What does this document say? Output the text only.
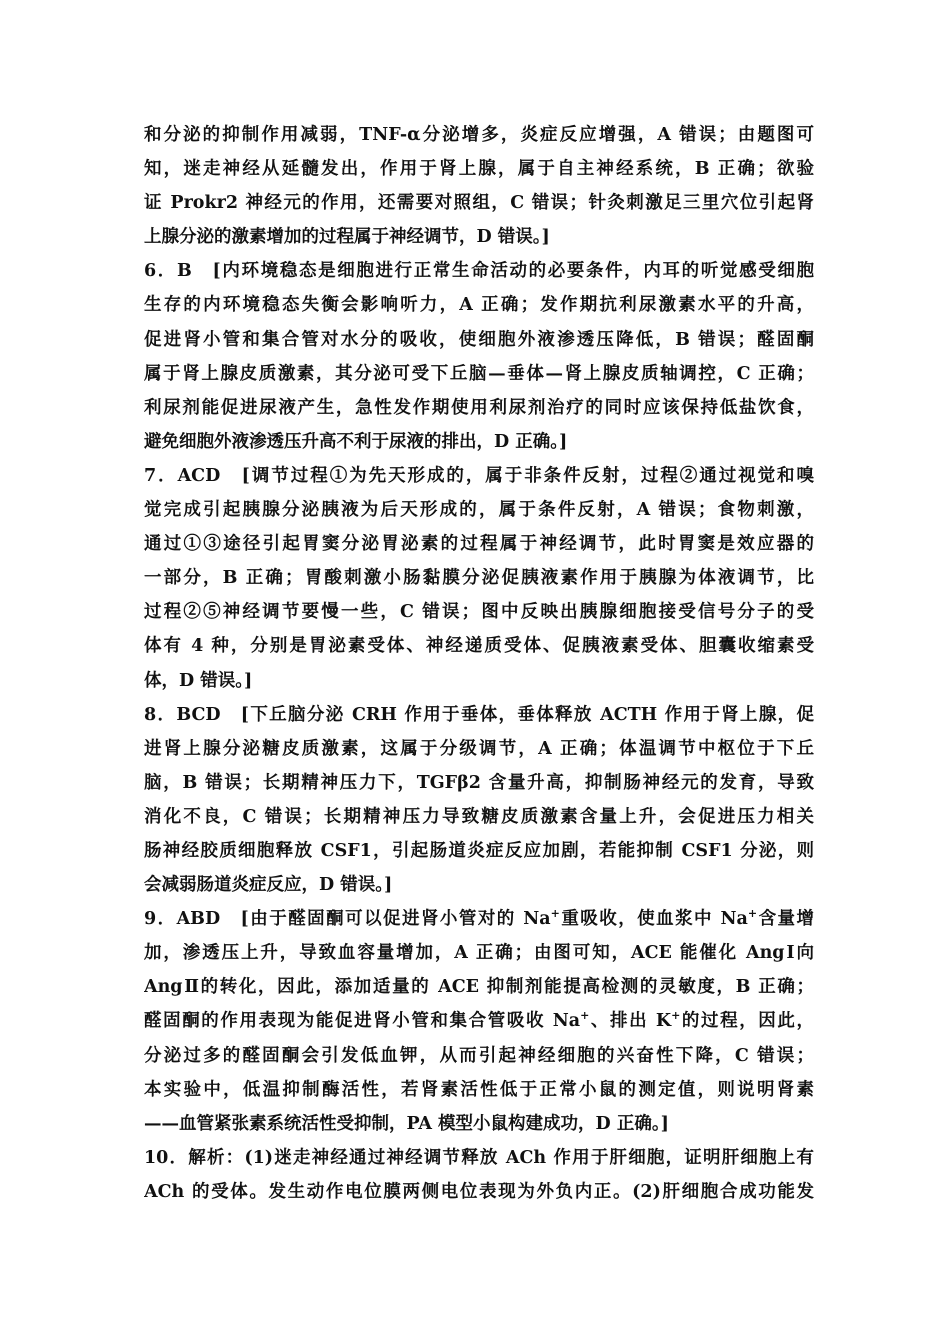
和分泌的抑制作用减弱，TNF-α分泌增多，炎症反应增强，A 错误；由题图可
知，迷走神经从延髓发出，作用于肾上腺，属于自主神经系统，B 正确；欲验
证 Prokr2 神经元的作用，还需要对照组，C 错误；针灸刺激足三里穴位引起肾
上腺分泌的激素增加的过程属于神经调节，D 错误。]
6．B　[内环境稳态是细胞进行正常生命活动的必要条件，内耳的听觉感受细胞
生存的内环境稳态失衡会影响听力，A 正确；发作期抗利尿激素水平的升高，
促进肾小管和集合管对水分的吸收，使细胞外液渗透压降低，B 错误；醛固酮
属于肾上腺皮质激素，其分泌可受下丘脑—垂体—肾上腺皮质轴调控，C 正确；
利尿剂能促进尿液产生，急性发作期使用利尿剂治疗的同时应该保持低盐饮食，
避免细胞外液渗透压升高不利于尿液的排出，D 正确。]
7．ACD　[调节过程①为先天形成的，属于非条件反射，过程②通过视觉和嗅
觉完成引起胰腺分泌胰液为后天形成的，属于条件反射，A 错误；食物刺激，
通过①③途径引起胃窦分泌胃泌素的过程属于神经调节，此时胃窦是效应器的
一部分，B 正确；胃酸刺激小肠黏膜分泌促胰液素作用于胰腺为体液调节，比
过程②⑤神经调节要慢一些，C 错误；图中反映出胰腺细胞接受信号分子的受
体有 4 种，分别是胃泌素受体、神经递质受体、促胰液素受体、胆囊收缩素受
体，D 错误。]
8．BCD　[下丘脑分泌 CRH 作用于垂体，垂体释放 ACTH 作用于肾上腺，促
进肾上腺分泌糖皮质激素，这属于分级调节，A 正确；体温调节中枢位于下丘
脑，B 错误；长期精神压力下，TGFβ2 含量升高，抑制肠神经元的发育，导致
消化不良，C 错误；长期精神压力导致糖皮质激素含量上升，会促进压力相关
肠神经胶质细胞释放 CSF1，引起肠道炎症反应加剧，若能抑制 CSF1 分泌，则
会减弱肠道炎症反应，D 错误。]
9．ABD　[由于醛固酮可以促进肾小管对的 Na+重吸收，使血浆中 Na+含量增
加，渗透压上升，导致血容量增加，A 正确；由图可知，ACE 能催化 AngⅠ向
AngⅡ的转化，因此，添加适量的 ACE 抑制剂能提高检测的灵敏度，B 正确；
醛固酮的作用表现为能促进肾小管和集合管吸收 Na+、排出 K+的过程，因此，
分泌过多的醛固酮会引发低血钾，从而引起神经细胞的兴奋性下降，C 错误；
本实验中，低温抑制酶活性，若肾素活性低于正常小鼠的测定值，则说明肾素
——血管紧张素系统活性受抑制，PA 模型小鼠构建成功，D 正确。]
10．解析：(1)迷走神经通过神经调节释放 ACh 作用于肝细胞，证明肝细胞上有
ACh 的受体。发生动作电位膜两侧电位表现为外负内正。(2)肝细胞合成功能发
